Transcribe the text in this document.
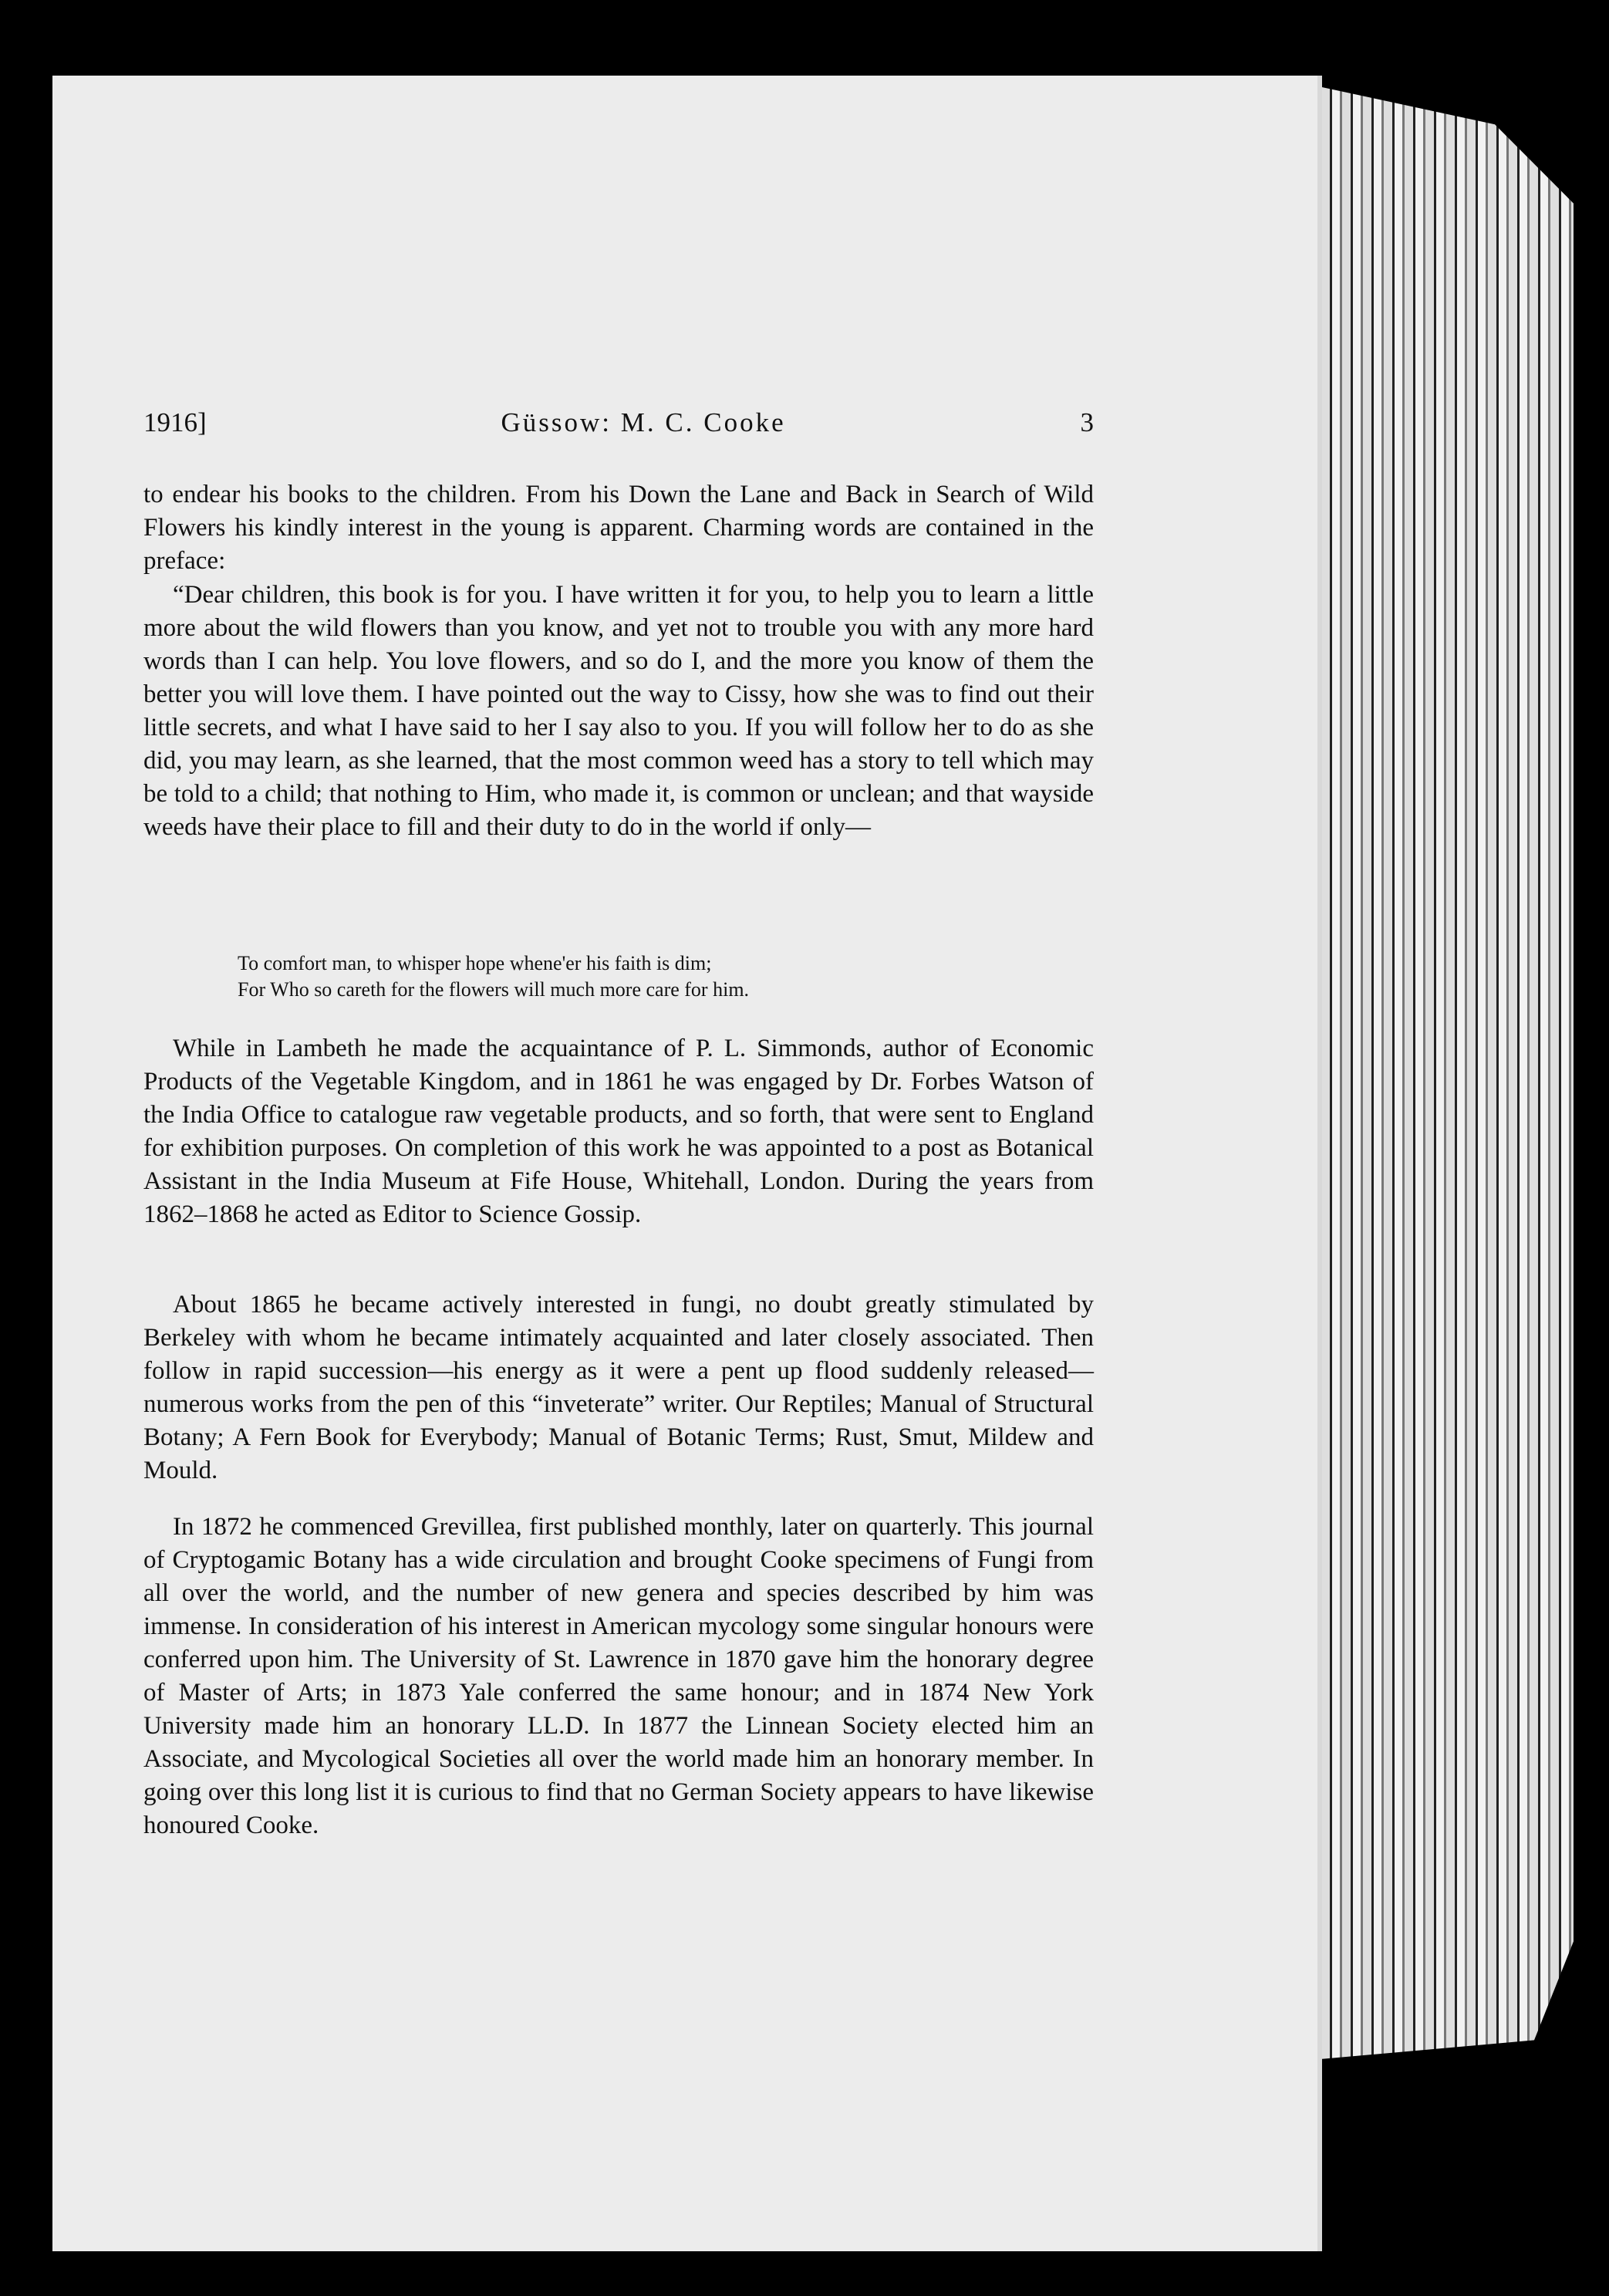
1916]	Güssow: M. C. Cooke	3

to endear his books to the children. From his Down the Lane and Back in Search of Wild Flowers his kindly interest in the young is apparent. Charming words are contained in the preface:

“Dear children, this book is for you. I have written it for you, to help you to learn a little more about the wild flowers than you know, and yet not to trouble you with any more hard words than I can help. You love flowers, and so do I, and the more you know of them the better you will love them. I have pointed out the way to Cissy, how she was to find out their little secrets, and what I have said to her I say also to you. If you will follow her to do as she did, you may learn, as she learned, that the most common weed has a story to tell which may be told to a child; that nothing to Him, who made it, is common or unclean; and that wayside weeds have their place to fill and their duty to do in the world if only—

To comfort man, to whisper hope whene'er his faith is dim;
For Who so careth for the flowers will much more care for him.

While in Lambeth he made the acquaintance of P. L. Simmonds, author of Economic Products of the Vegetable Kingdom, and in 1861 he was engaged by Dr. Forbes Watson of the India Office to catalogue raw vegetable products, and so forth, that were sent to England for exhibition purposes. On completion of this work he was appointed to a post as Botanical Assistant in the India Museum at Fife House, Whitehall, London. During the years from 1862–1868 he acted as Editor to Science Gossip.

About 1865 he became actively interested in fungi, no doubt greatly stimulated by Berkeley with whom he became intimately acquainted and later closely associated. Then follow in rapid succession—his energy as it were a pent up flood suddenly released—numerous works from the pen of this “inveterate” writer. Our Reptiles; Manual of Structural Botany; A Fern Book for Everybody; Manual of Botanic Terms; Rust, Smut, Mildew and Mould.

In 1872 he commenced Grevillea, first published monthly, later on quarterly. This journal of Cryptogamic Botany has a wide circulation and brought Cooke specimens of Fungi from all over the world, and the number of new genera and species described by him was immense. In consideration of his interest in American mycology some singular honours were conferred upon him. The University of St. Lawrence in 1870 gave him the honorary degree of Master of Arts; in 1873 Yale conferred the same honour; and in 1874 New York University made him an honorary LL.D. In 1877 the Linnean Society elected him an Associate, and Mycological Societies all over the world made him an honorary member. In going over this long list it is curious to find that no German Society appears to have likewise honoured Cooke.
